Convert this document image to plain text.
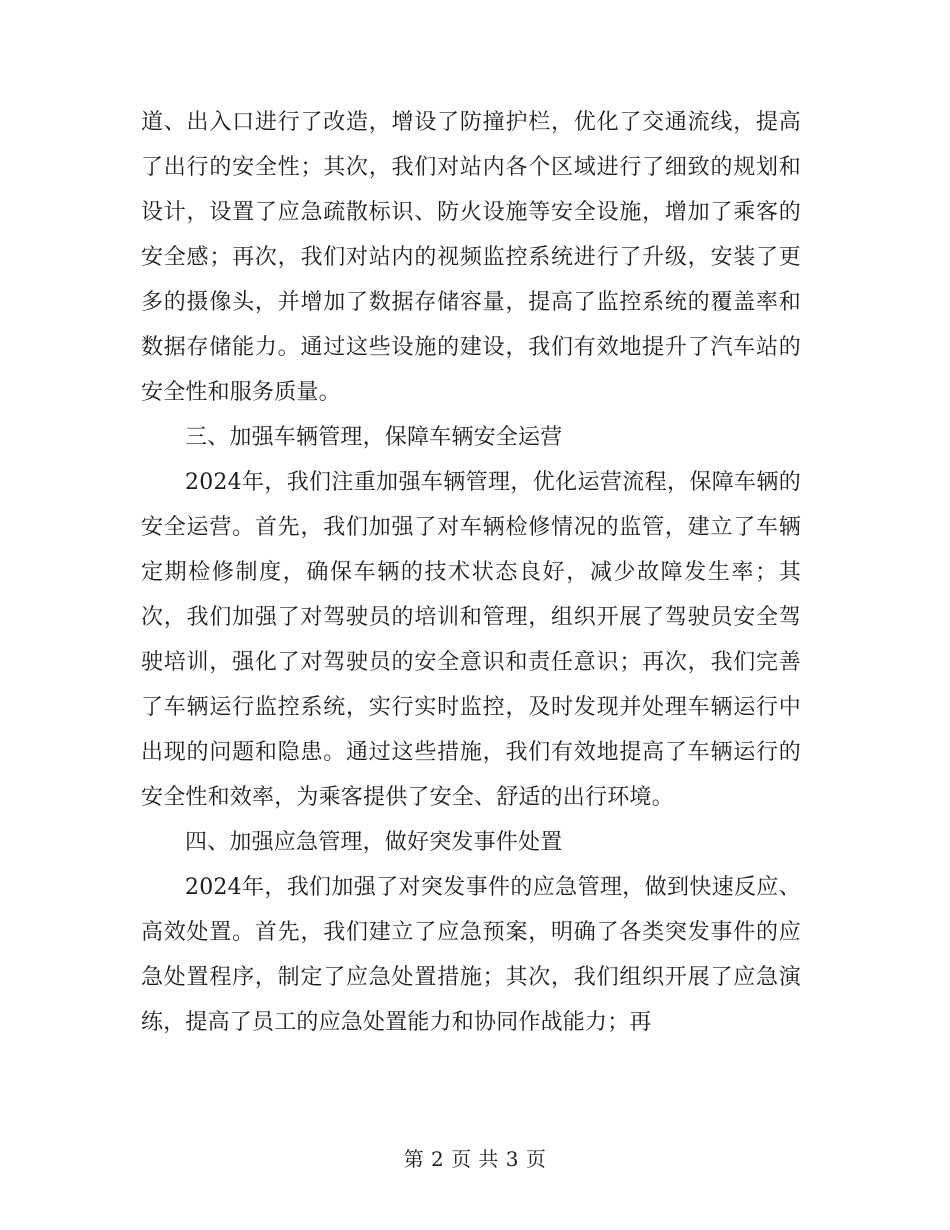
道、出入口进行了改造，增设了防撞护栏，优化了交通流线，提高了出行的安全性；其次，我们对站内各个区域进行了细致的规划和设计，设置了应急疏散标识、防火设施等安全设施，增加了乘客的安全感；再次，我们对站内的视频监控系统进行了升级，安装了更多的摄像头，并增加了数据存储容量，提高了监控系统的覆盖率和数据存储能力。通过这些设施的建设，我们有效地提升了汽车站的安全性和服务质量。

三、加强车辆管理，保障车辆安全运营

2024年，我们注重加强车辆管理，优化运营流程，保障车辆的安全运营。首先，我们加强了对车辆检修情况的监管，建立了车辆定期检修制度，确保车辆的技术状态良好，减少故障发生率；其次，我们加强了对驾驶员的培训和管理，组织开展了驾驶员安全驾驶培训，强化了对驾驶员的安全意识和责任意识；再次，我们完善了车辆运行监控系统，实行实时监控，及时发现并处理车辆运行中出现的问题和隐患。通过这些措施，我们有效地提高了车辆运行的安全性和效率，为乘客提供了安全、舒适的出行环境。

四、加强应急管理，做好突发事件处置

2024年，我们加强了对突发事件的应急管理，做到快速反应、高效处置。首先，我们建立了应急预案，明确了各类突发事件的应急处置程序，制定了应急处置措施；其次，我们组织开展了应急演练，提高了员工的应急处置能力和协同作战能力；再

第 2 页 共 3 页
